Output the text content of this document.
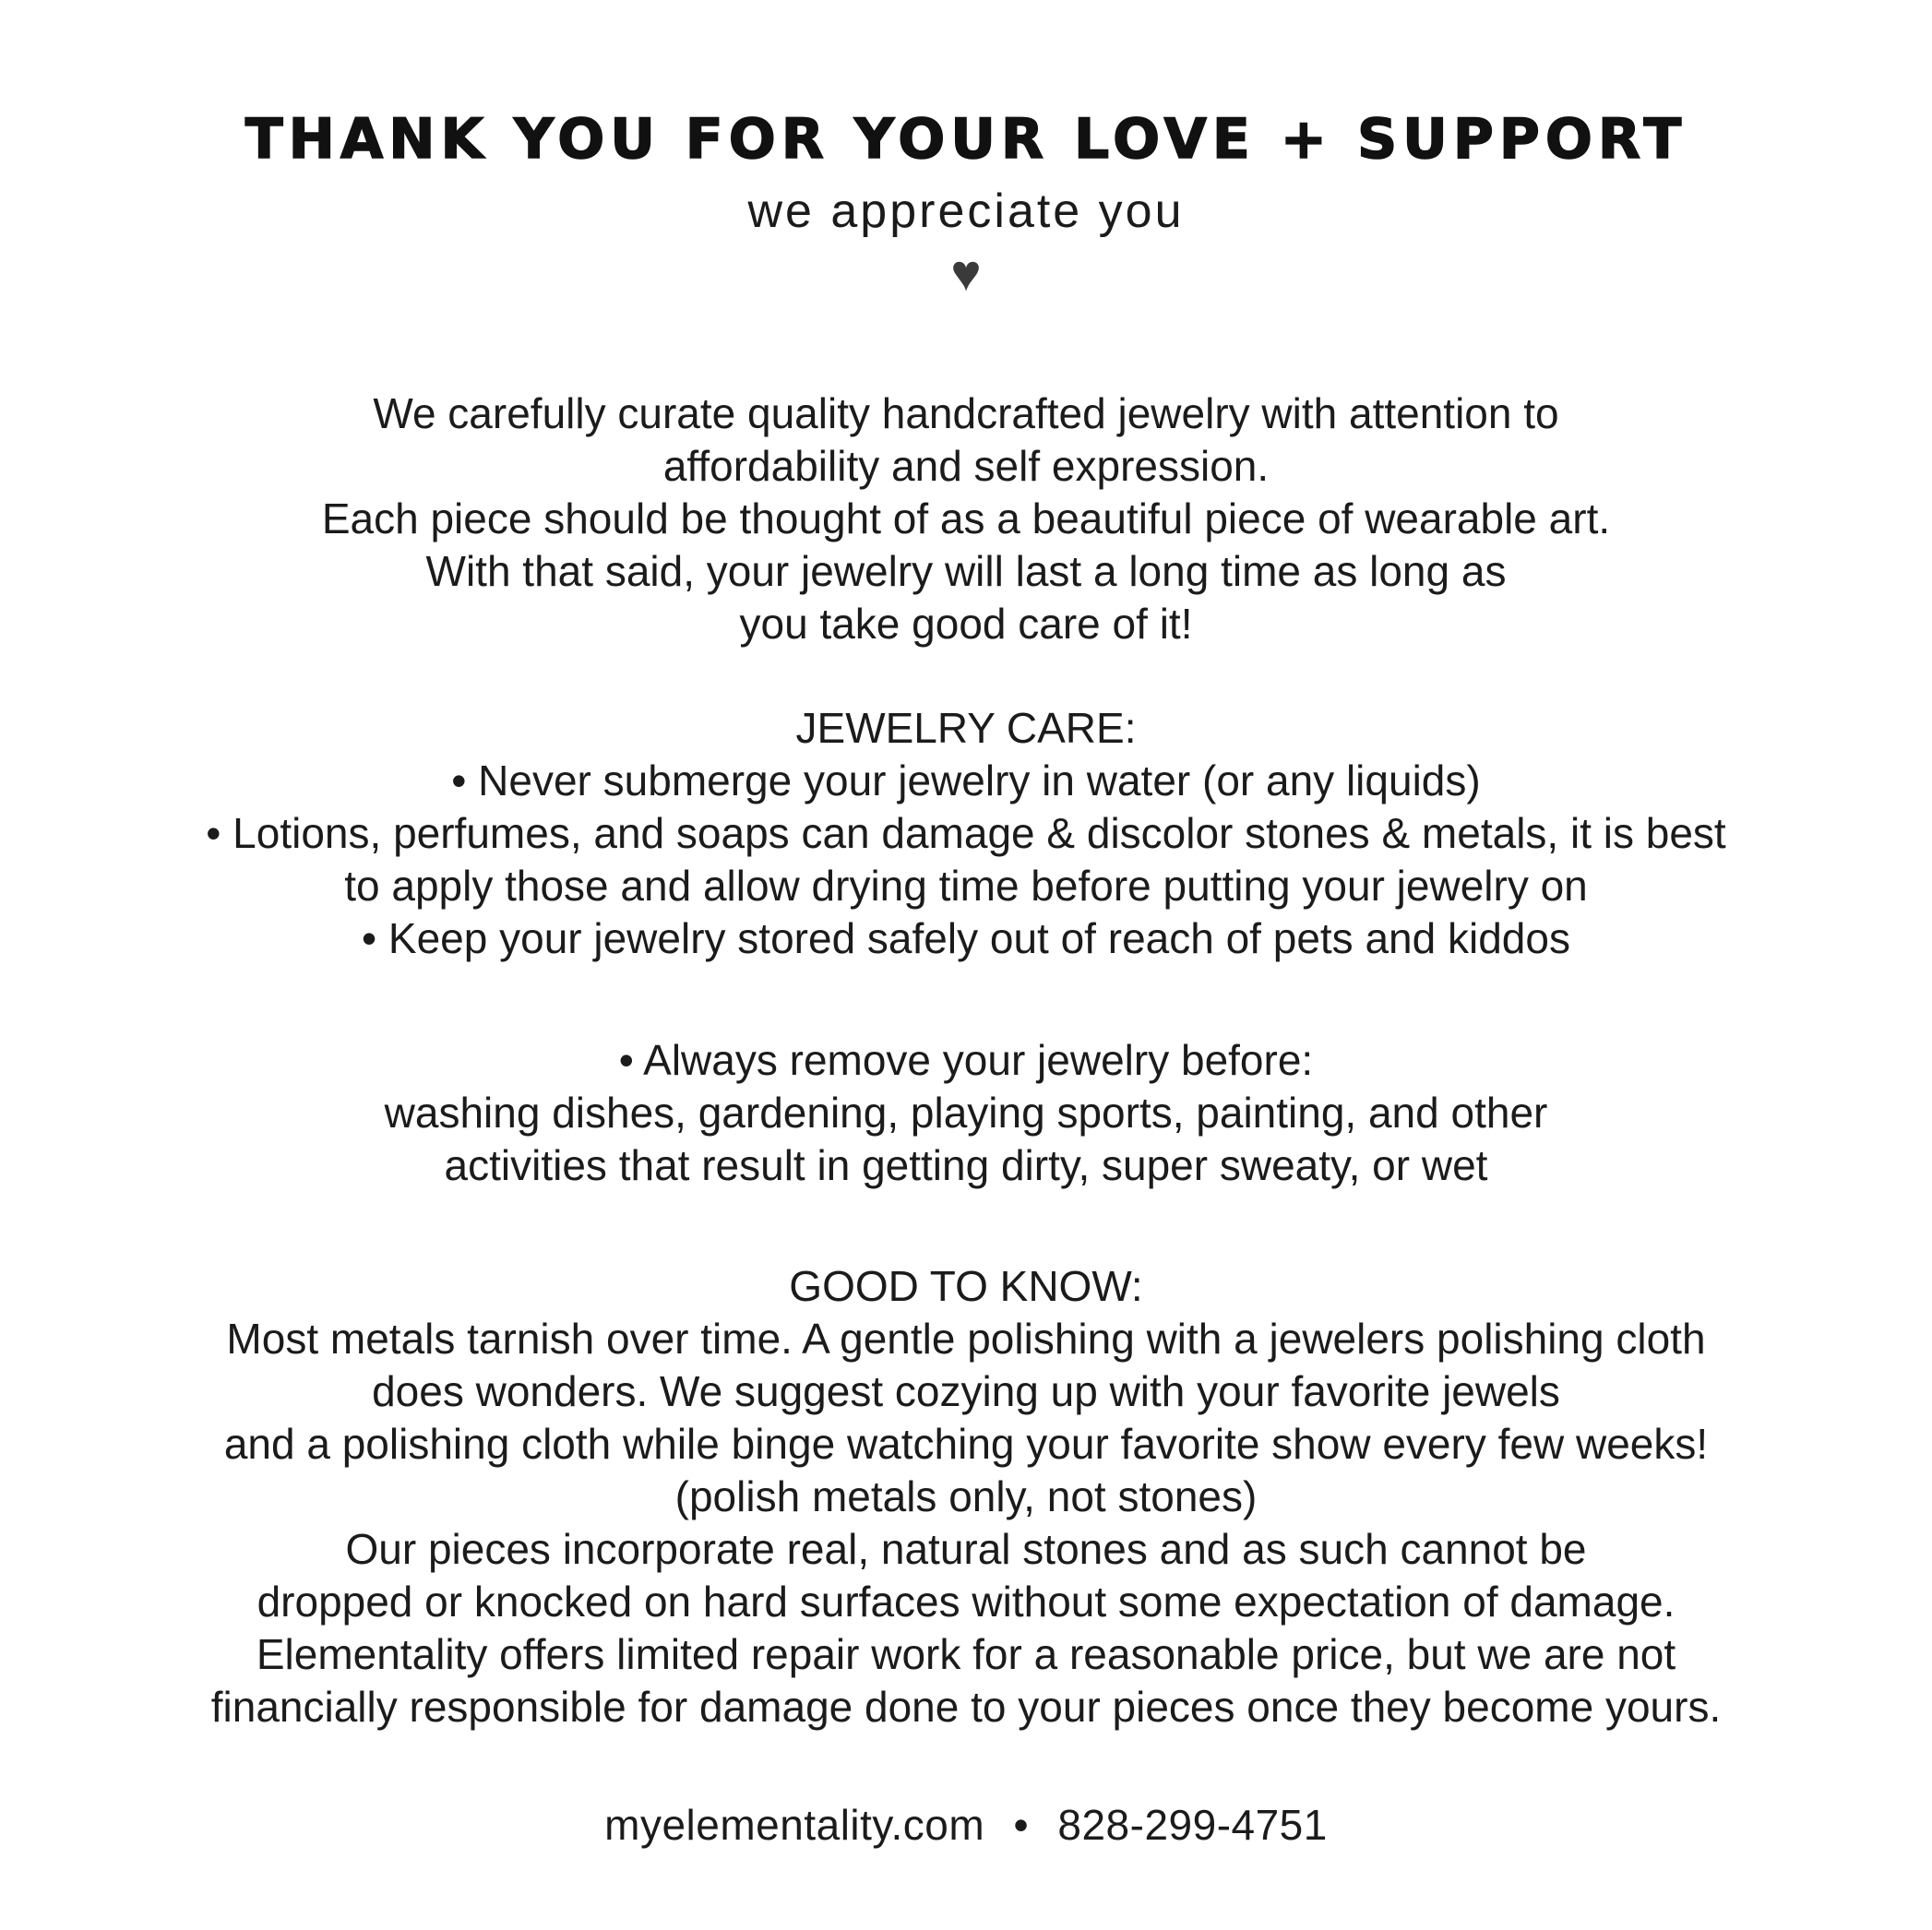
THANK YOU FOR YOUR LOVE + SUPPORT
we appreciate you
♥

We carefully curate quality handcrafted jewelry with attention to
affordability and self expression.
Each piece should be thought of as a beautiful piece of wearable art.
With that said, your jewelry will last a long time as long as
you take good care of it!

JEWELRY CARE:

• Never submerge your jewelry in water (or any liquids)
• Lotions, perfumes, and soaps can damage & discolor stones & metals, it is best
to apply those and allow drying time before putting your jewelry on
• Keep your jewelry stored safely out of reach of pets and kiddos

• Always remove your jewelry before:
washing dishes, gardening, playing sports, painting, and other
activities that result in getting dirty, super sweaty, or wet

GOOD TO KNOW:

Most metals tarnish over time. A gentle polishing with a jewelers polishing cloth
does wonders. We suggest cozying up with your favorite jewels
and a polishing cloth while binge watching your favorite show every few weeks!
(polish metals only, not stones)
Our pieces incorporate real, natural stones and as such cannot be
dropped or knocked on hard surfaces without some expectation of damage.
Elementality offers limited repair work for a reasonable price, but we are not
financially responsible for damage done to your pieces once they become yours.

myelementality.com • 828-299-4751
